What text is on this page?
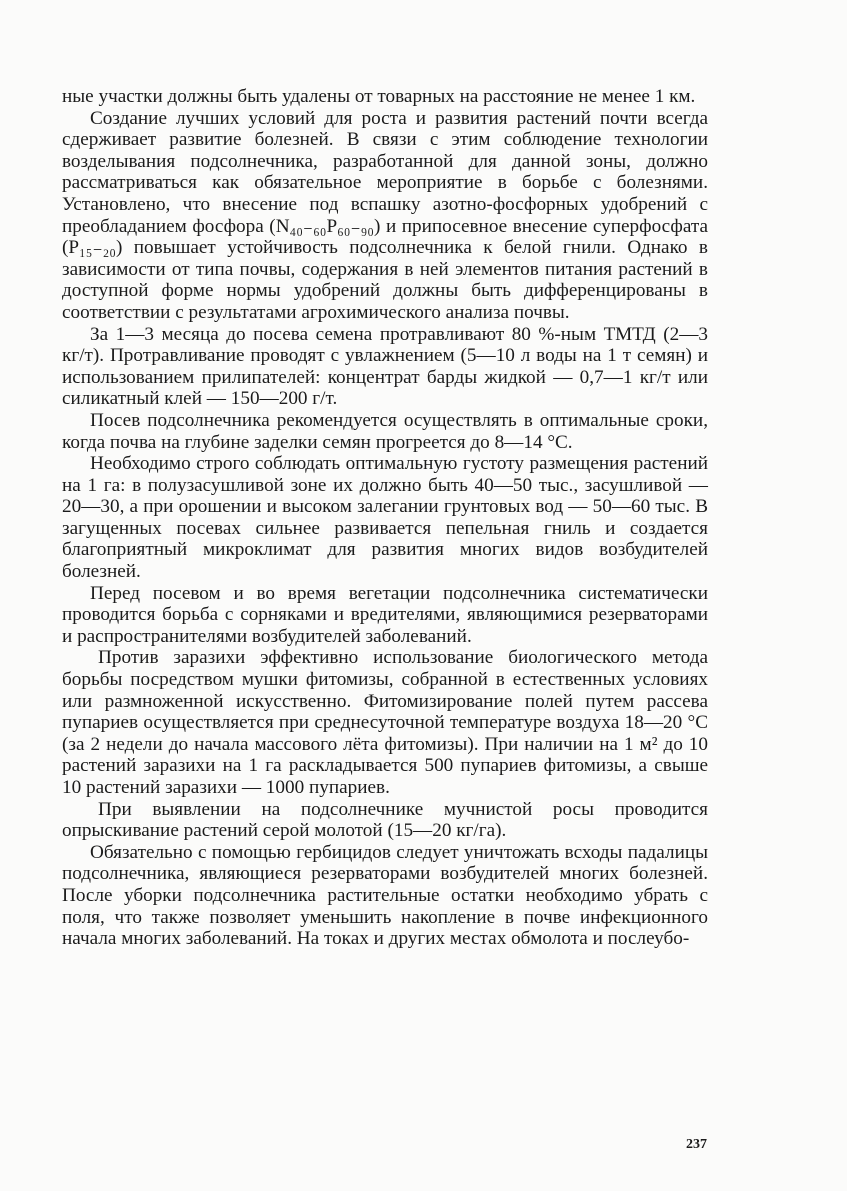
ные участки должны быть удалены от товарных на расстояние не менее 1 км.

Создание лучших условий для роста и развития растений почти всегда сдерживает развитие болезней. В связи с этим соблюдение технологии возделывания подсолнечника, разработанной для данной зоны, должно рассматриваться как обязательное мероприятие в борьбе с болезнями. Установлено, что внесение под вспашку азотно-фосфорных удобрений с преобладанием фосфора (N₄₀₋₆₀P₆₀₋₉₀) и припосевное внесение суперфосфата (P₁₅₋₂₀) повышает устойчивость подсолнечника к белой гнили. Однако в зависимости от типа почвы, содержания в ней элементов питания растений в доступной форме нормы удобрений должны быть дифференцированы в соответствии с результатами агрохимического анализа почвы.

За 1—3 месяца до посева семена протравливают 80 %-ным ТМТД (2—3 кг/т). Протравливание проводят с увлажнением (5—10 л воды на 1 т семян) и использованием прилипателей: концентрат барды жидкой — 0,7—1 кг/т или силикатный клей — 150—200 г/т.

Посев подсолнечника рекомендуется осуществлять в оптимальные сроки, когда почва на глубине заделки семян прогреется до 8—14 °С.

Необходимо строго соблюдать оптимальную густоту размещения растений на 1 га: в полузасушливой зоне их должно быть 40—50 тыс., засушливой — 20—30, а при орошении и высоком залегании грунтовых вод — 50—60 тыс. В загущенных посевах сильнее развивается пепельная гниль и создается благоприятный микроклимат для развития многих видов возбудителей болезней.

Перед посевом и во время вегетации подсолнечника систематически проводится борьба с сорняками и вредителями, являющимися резерваторами и распространителями возбудителей заболеваний.

Против заразихи эффективно использование биологического метода борьбы посредством мушки фитомизы, собранной в естественных условиях или размноженной искусственно. Фитомизирование полей путем рассева пупариев осуществляется при среднесуточной температуре воздуха 18—20 °С (за 2 недели до начала массового лёта фитомизы). При наличии на 1 м² до 10 растений заразихи на 1 га раскладывается 500 пупариев фитомизы, а свыше 10 растений заразихи — 1000 пупариев.

При выявлении на подсолнечнике мучнистой росы проводится опрыскивание растений серой молотой (15—20 кг/га).

Обязательно с помощью гербицидов следует уничтожать всходы падалицы подсолнечника, являющиеся резерваторами возбудителей многих болезней. После уборки подсолнечника растительные остатки необходимо убрать с поля, что также позволяет уменьшить накопление в почве инфекционного начала многих заболеваний. На токах и других местах обмолота и послеубо-

237
